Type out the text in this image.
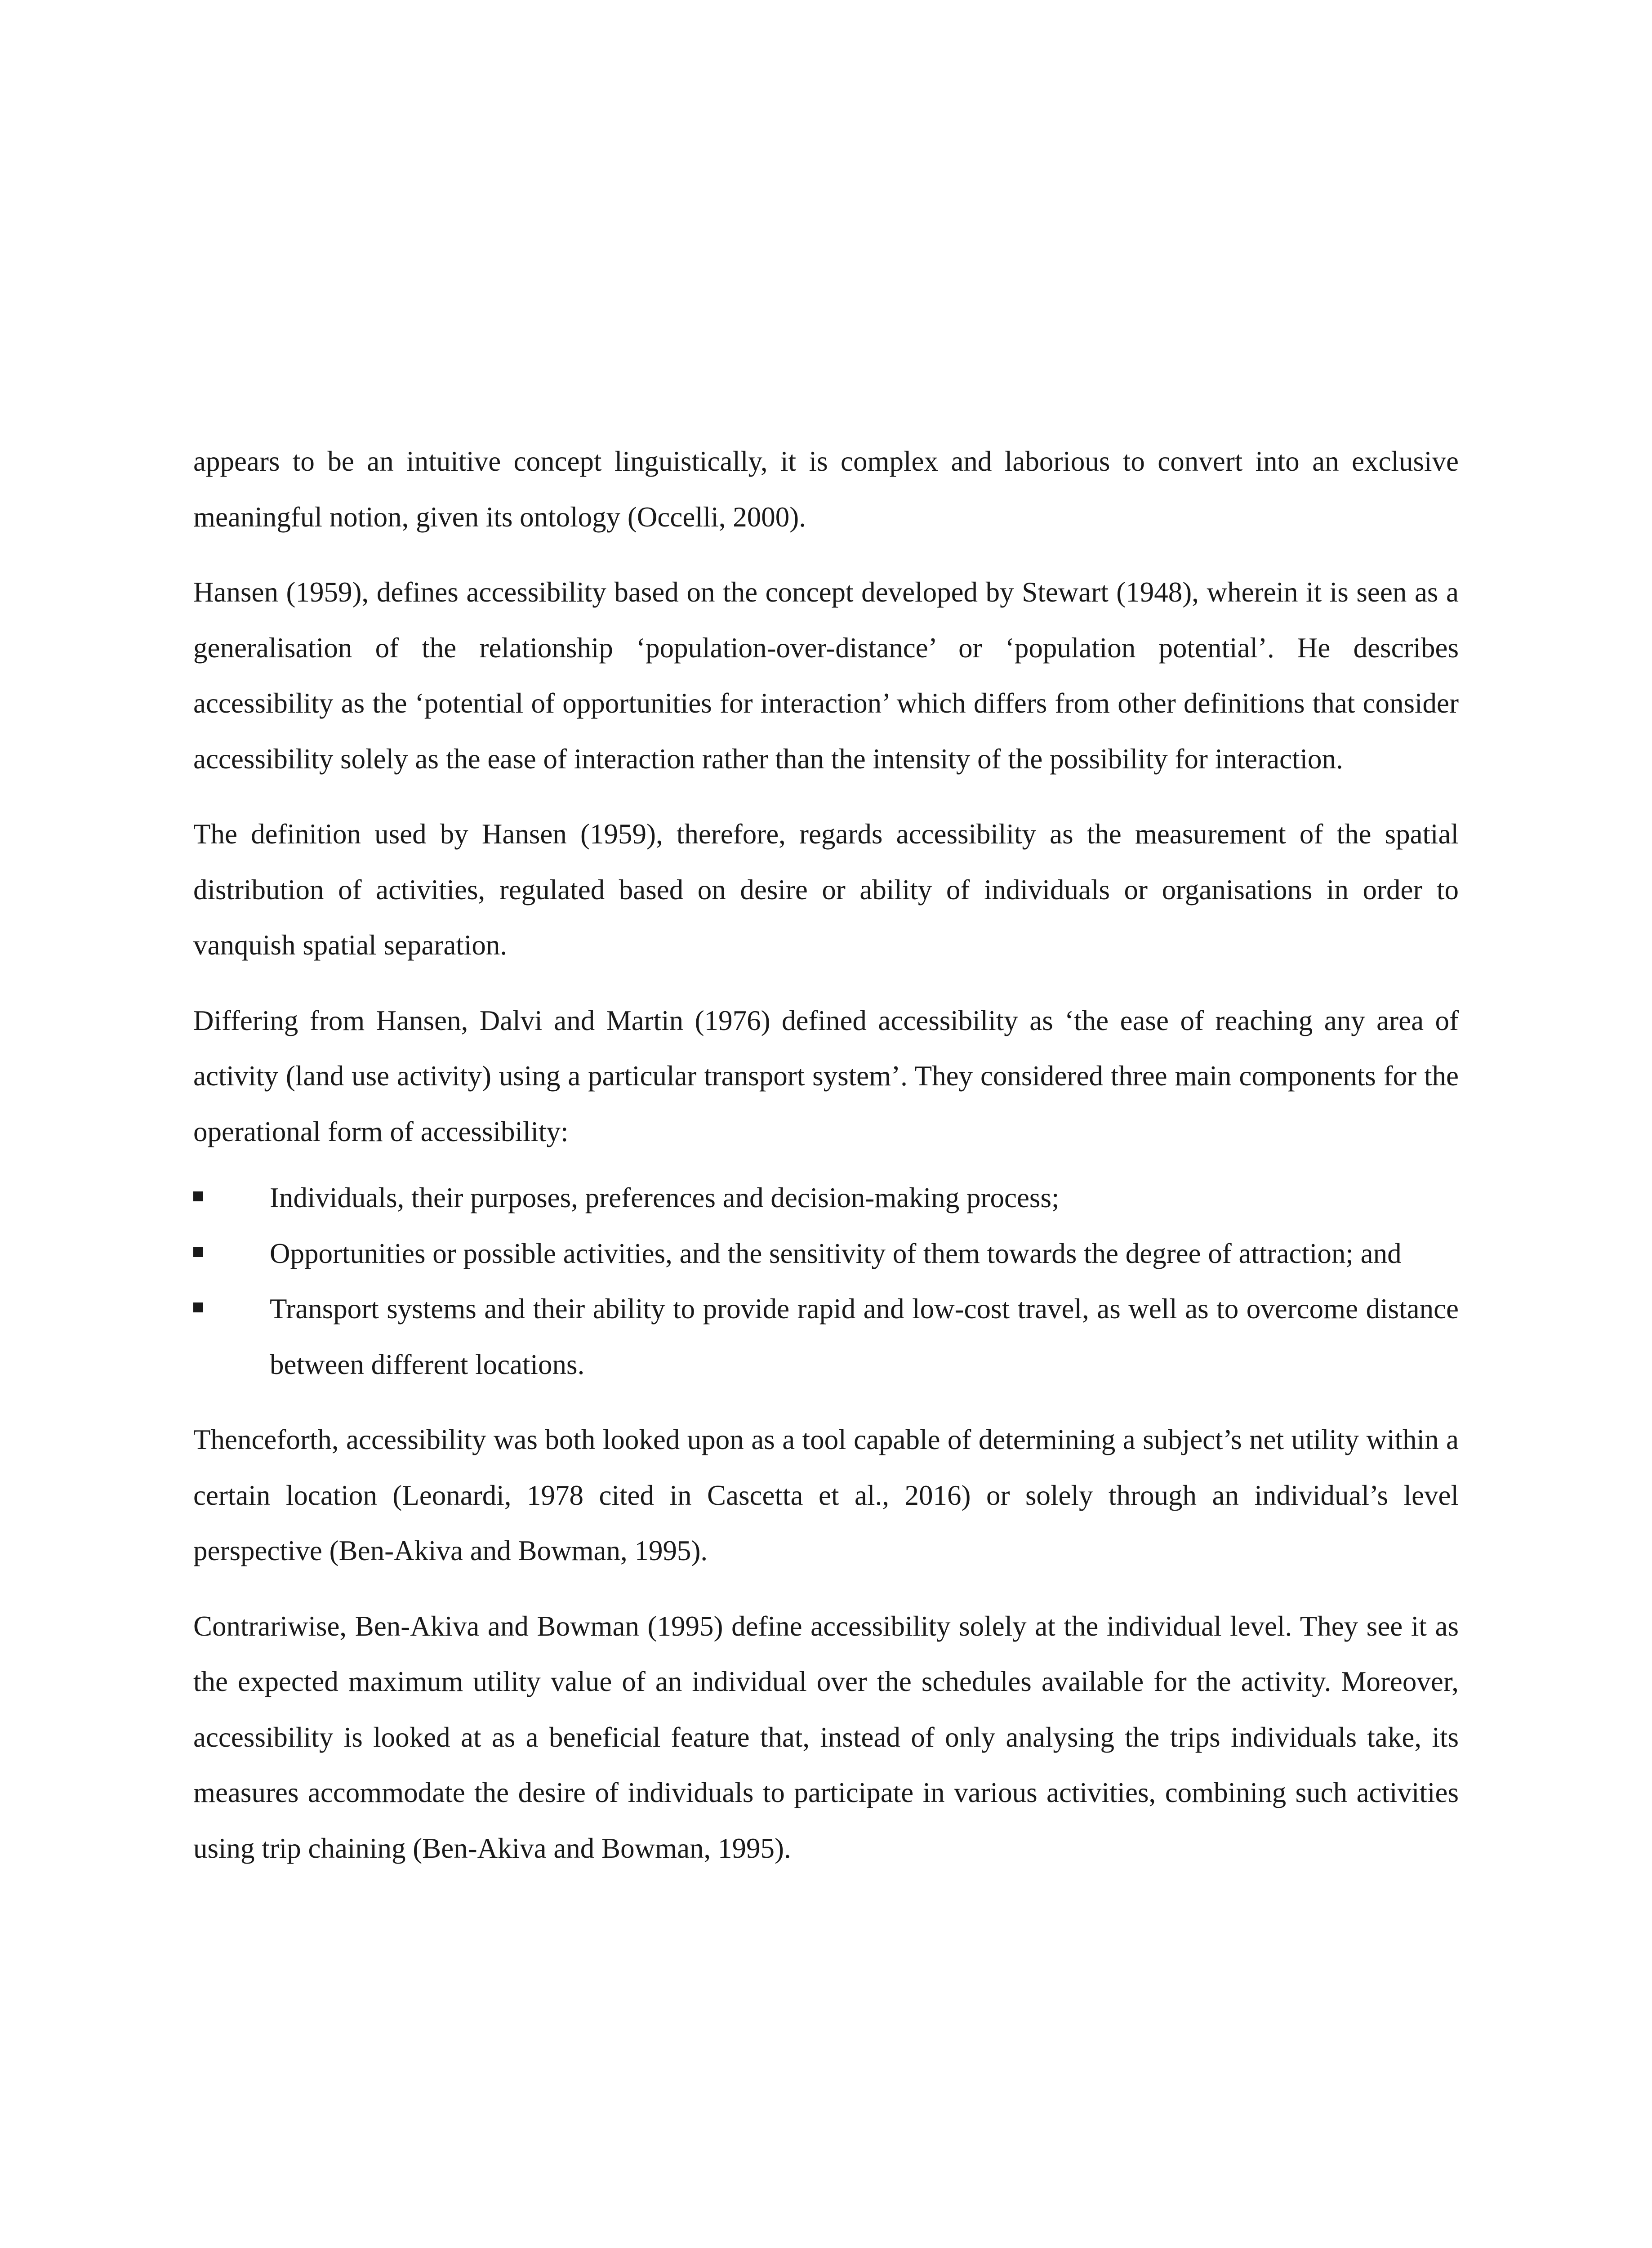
appears to be an intuitive concept linguistically, it is complex and laborious to convert into an exclusive meaningful notion, given its ontology (Occelli, 2000).

Hansen (1959), defines accessibility based on the concept developed by Stewart (1948), wherein it is seen as a generalisation of the relationship ‘population-over-distance’ or ‘population potential’. He describes accessibility as the ‘potential of opportunities for interaction’ which differs from other definitions that consider accessibility solely as the ease of interaction rather than the intensity of the possibility for interaction.

The definition used by Hansen (1959), therefore, regards accessibility as the measurement of the spatial distribution of activities, regulated based on desire or ability of individuals or organisations in order to vanquish spatial separation.

Differing from Hansen, Dalvi and Martin (1976) defined accessibility as ‘the ease of reaching any area of activity (land use activity) using a particular transport system’. They considered three main components for the operational form of accessibility:

Individuals, their purposes, preferences and decision-making process;
Opportunities or possible activities, and the sensitivity of them towards the degree of attraction; and
Transport systems and their ability to provide rapid and low-cost travel, as well as to overcome distance between different locations.

Thenceforth, accessibility was both looked upon as a tool capable of determining a subject’s net utility within a certain location (Leonardi, 1978 cited in Cascetta et al., 2016) or solely through an individual’s level perspective (Ben-Akiva and Bowman, 1995).

Contrariwise, Ben-Akiva and Bowman (1995) define accessibility solely at the individual level. They see it as the expected maximum utility value of an individual over the schedules available for the activity. Moreover, accessibility is looked at as a beneficial feature that, instead of only analysing the trips individuals take, its measures accommodate the desire of individuals to participate in various activities, combining such activities using trip chaining (Ben-Akiva and Bowman, 1995).
